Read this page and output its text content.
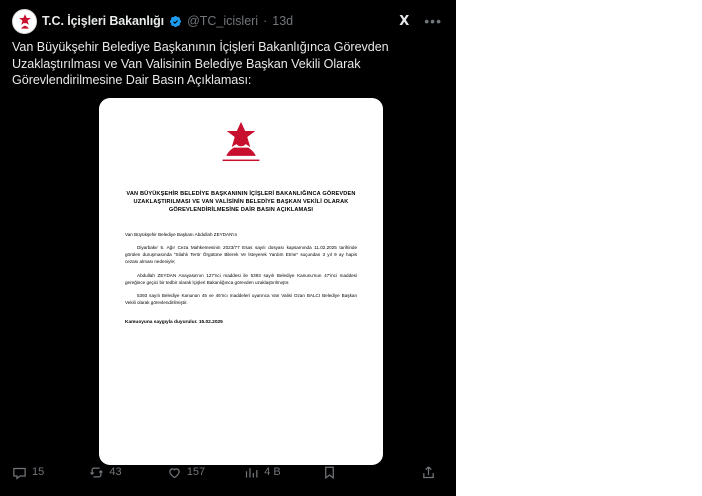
T.C. İçişleri Bakanlığı @TC_icisleri · 13d	X •••
Van Büyükşehir Belediye Başkanının İçişleri Bakanlığınca Görevden Uzaklaştırılması ve Van Valisinin Belediye Başkan Vekili Olarak Görevlendirilmesine Dair Basın Açıklaması:
VAN BÜYÜKŞEHİR BELEDİYE BAŞKANININ İÇİŞLERİ BAKANLIĞINCA GÖREVDEN UZAKLAŞTIRILMASI VE VAN VALİSİNİN BELEDİYE BAŞKAN VEKİLİ OLARAK GÖREVLENDİRİLMESİNE DAİR BASIN AÇIKLAMASI

Van Büyükşehir Belediye Başkanı Abdullah ZEYDAN'ın

Diyarbakır 5. Ağır Ceza Mahkemesinin 2023/77 Esas sayılı dosyası kapsamında 11.02.2025 tarihinde görülen duruşmasında "Silahlı Terör Örgütüne Bilerek Ve İsteyerek Yardım Etme" suçundan 3 yıl 9 ay hapis cezası alması nedeniyle;

Abdullah ZEYDAN Anayasa'nın 127'nci maddesi ile 5393 sayılı Belediye Kanunu'nun 47'inci maddesi gereğince geçici bir tedbir olarak İçişleri Bakanlığınca görevden uzaklaştırılmıştır.

5393 sayılı Belediye Kanunun 45 ve 46'ncı maddeleri uyarınca Van Valisi Ozan BALCI Belediye Başkan Vekili olarak görevlendirilmiştir.

Kamuoyuna saygıyla duyurulur. 15.02.2025
15	43	157	4 B
